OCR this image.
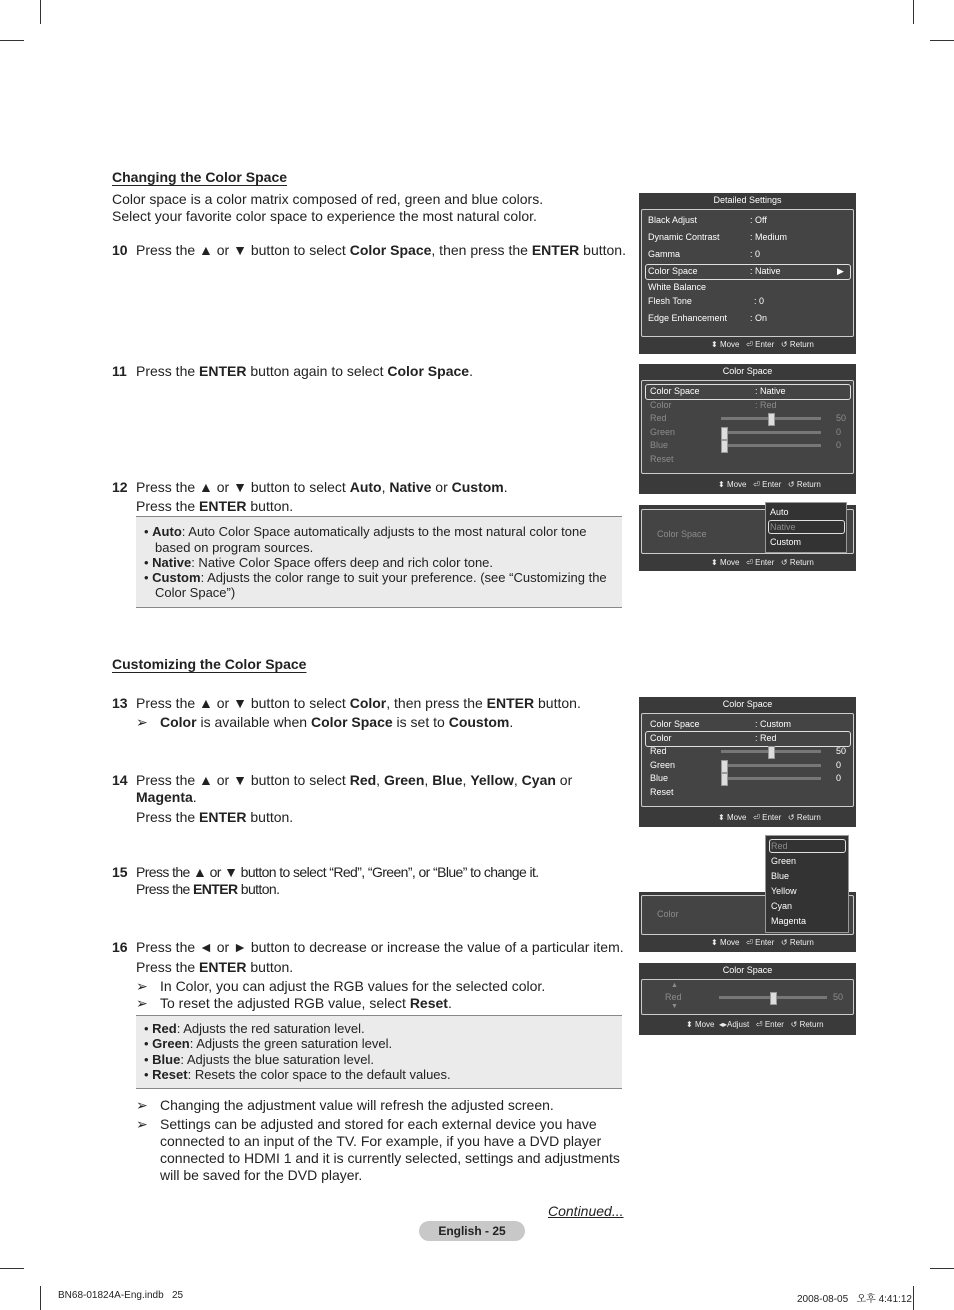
Changing the Color Space
Color space is a color matrix composed of red, green and blue colors.
Select your favorite color space to experience the most natural color.
10 Press the ▲ or ▼ button to select Color Space, then press the ENTER button.
11 Press the ENTER button again to select Color Space.
12 Press the ▲ or ▼ button to select Auto, Native or Custom.
Press the ENTER button.
• Auto: Auto Color Space automatically adjusts to the most natural color tone
based on program sources.
• Native: Native Color Space offers deep and rich color tone.
• Custom: Adjusts the color range to suit your preference. (see “Customizing the
Color Space”)
Customizing the Color Space
13 Press the ▲ or ▼ button to select Color, then press the ENTER button.
➢ Color is available when Color Space is set to Coustom.
14 Press the ▲ or ▼ button to select Red, Green, Blue, Yellow, Cyan or
Magenta.
Press the ENTER button.
15 Press the ▲ or ▼ button to select “Red”, “Green”, or “Blue” to change it.
Press the ENTER button.
16 Press the ◄ or ► button to decrease or increase the value of a particular item.
Press the ENTER button.
➢ In Color, you can adjust the RGB values for the selected color.
➢ To reset the adjusted RGB value, select Reset.
• Red: Adjusts the red saturation level.
• Green: Adjusts the green saturation level.
• Blue: Adjusts the blue saturation level.
• Reset: Resets the color space to the default values.
➢ Changing the adjustment value will refresh the adjusted screen.
➢ Settings can be adjusted and stored for each external device you have
connected to an input of the TV. For example, if you have a DVD player
connected to HDMI 1 and it is currently selected, settings and adjustments
will be saved for the DVD player.
Continued...
English - 25
BN68-01824A-Eng.indb   25	2008-08-05   오후 4:41:12
Detailed Settings
Black Adjust	: Off
Dynamic Contrast	: Medium
Gamma	: 0
Color Space	: Native	▶
White Balance
Flesh Tone	: 0
Edge Enhancement	: On
⬍ Move ⏎ Enter ↺ Return
Color Space
Color Space	: Native
Color	: Red
Red	50
Green	0
Blue	0
Reset
⬍ Move ⏎ Enter ↺ Return
Color Space
Auto
Native
Custom
⬍ Move ⏎ Enter ↺ Return
Color Space
Color Space	: Custom
Color	: Red
Red	50
Green	0
Blue	0
Reset
⬍ Move ⏎ Enter ↺ Return
Color
⬍ Move ⏎ Enter ↺ Return
Red
Green
Blue
Yellow
Cyan
Magenta
Color Space
▲
Red
▼
50
⬍ Move ◂▸Adjust ⏎ Enter ↺ Return
